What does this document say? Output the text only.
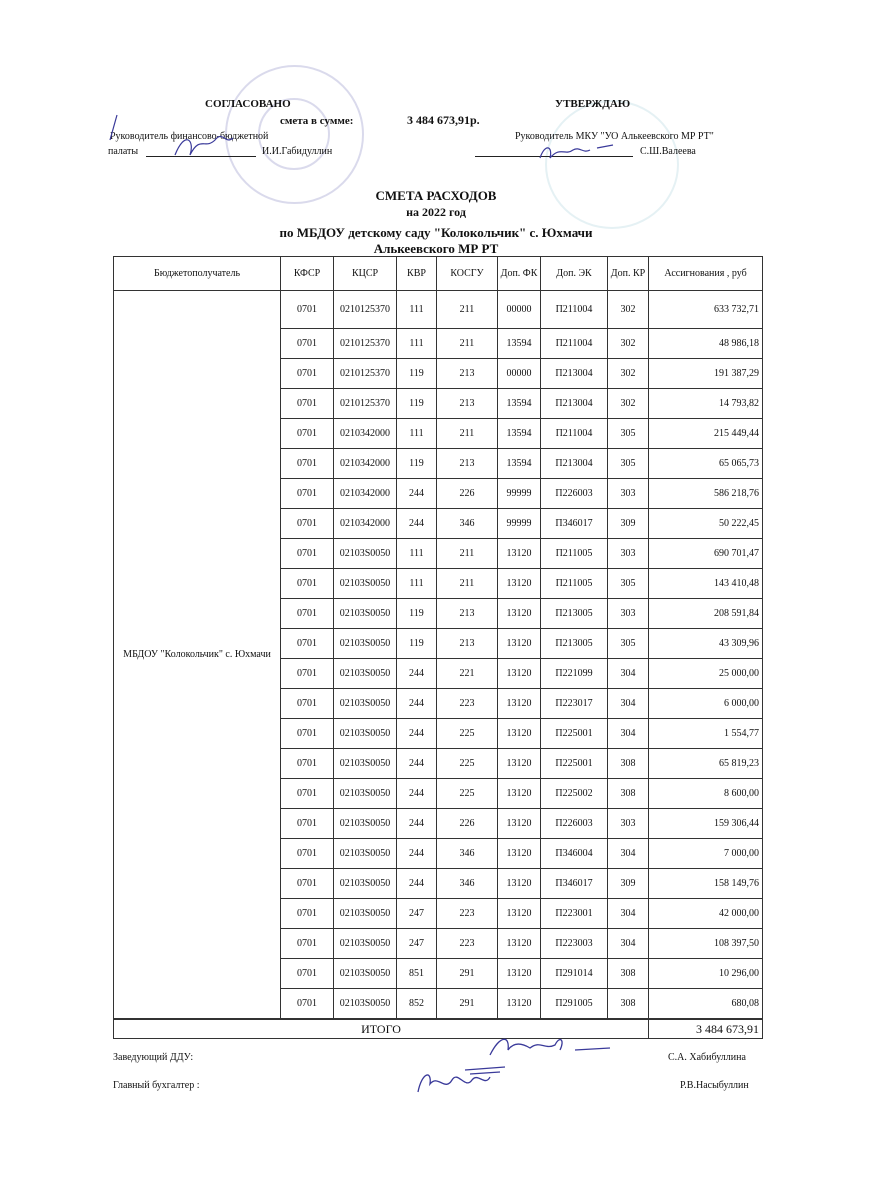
СОГЛАСОВАНО
смета в сумме:	3 484 673,91р.
Руководитель финансово-бюджетной
палаты	И.И.Габидуллин
УТВЕРЖДАЮ
Руководитель МКУ "УО Алькеевского МР РТ"
С.Ш.Валеева
СМЕТА РАСХОДОВ
на 2022 год
по МБДОУ детскому саду "Колокольчик" с. Юхмачи
Алькеевского МР РТ
Бюджетополучатель	КФСР	КЦСР	КВР	КОСГУ	Доп. ФК	Доп. ЭК	Доп. КР	Ассигнования , руб
МБДОУ "Колокольчик" с. Юхмачи	0701	0210125370	111	211	00000	П211004	302	633 732,71
	0701	0210125370	111	211	13594	П211004	302	48 986,18
	0701	0210125370	119	213	00000	П213004	302	191 387,29
	0701	0210125370	119	213	13594	П213004	302	14 793,82
	0701	0210342000	111	211	13594	П211004	305	215 449,44
	0701	0210342000	119	213	13594	П213004	305	65 065,73
	0701	0210342000	244	226	99999	П226003	303	586 218,76
	0701	0210342000	244	346	99999	П346017	309	50 222,45
	0701	02103S0050	111	211	13120	П211005	303	690 701,47
	0701	02103S0050	111	211	13120	П211005	305	143 410,48
	0701	02103S0050	119	213	13120	П213005	303	208 591,84
	0701	02103S0050	119	213	13120	П213005	305	43 309,96
	0701	02103S0050	244	221	13120	П221099	304	25 000,00
	0701	02103S0050	244	223	13120	П223017	304	6 000,00
	0701	02103S0050	244	225	13120	П225001	304	1 554,77
	0701	02103S0050	244	225	13120	П225001	308	65 819,23
	0701	02103S0050	244	225	13120	П225002	308	8 600,00
	0701	02103S0050	244	226	13120	П226003	303	159 306,44
	0701	02103S0050	244	346	13120	П346004	304	7 000,00
	0701	02103S0050	244	346	13120	П346017	309	158 149,76
	0701	02103S0050	247	223	13120	П223001	304	42 000,00
	0701	02103S0050	247	223	13120	П223003	304	108 397,50
	0701	02103S0050	851	291	13120	П291014	308	10 296,00
	0701	02103S0050	852	291	13120	П291005	308	680,08
ИТОГО								3 484 673,91
Заведующий ДДУ:	С.А. Хабибуллина
Главный бухгалтер :	Р.В.Насыбуллин
